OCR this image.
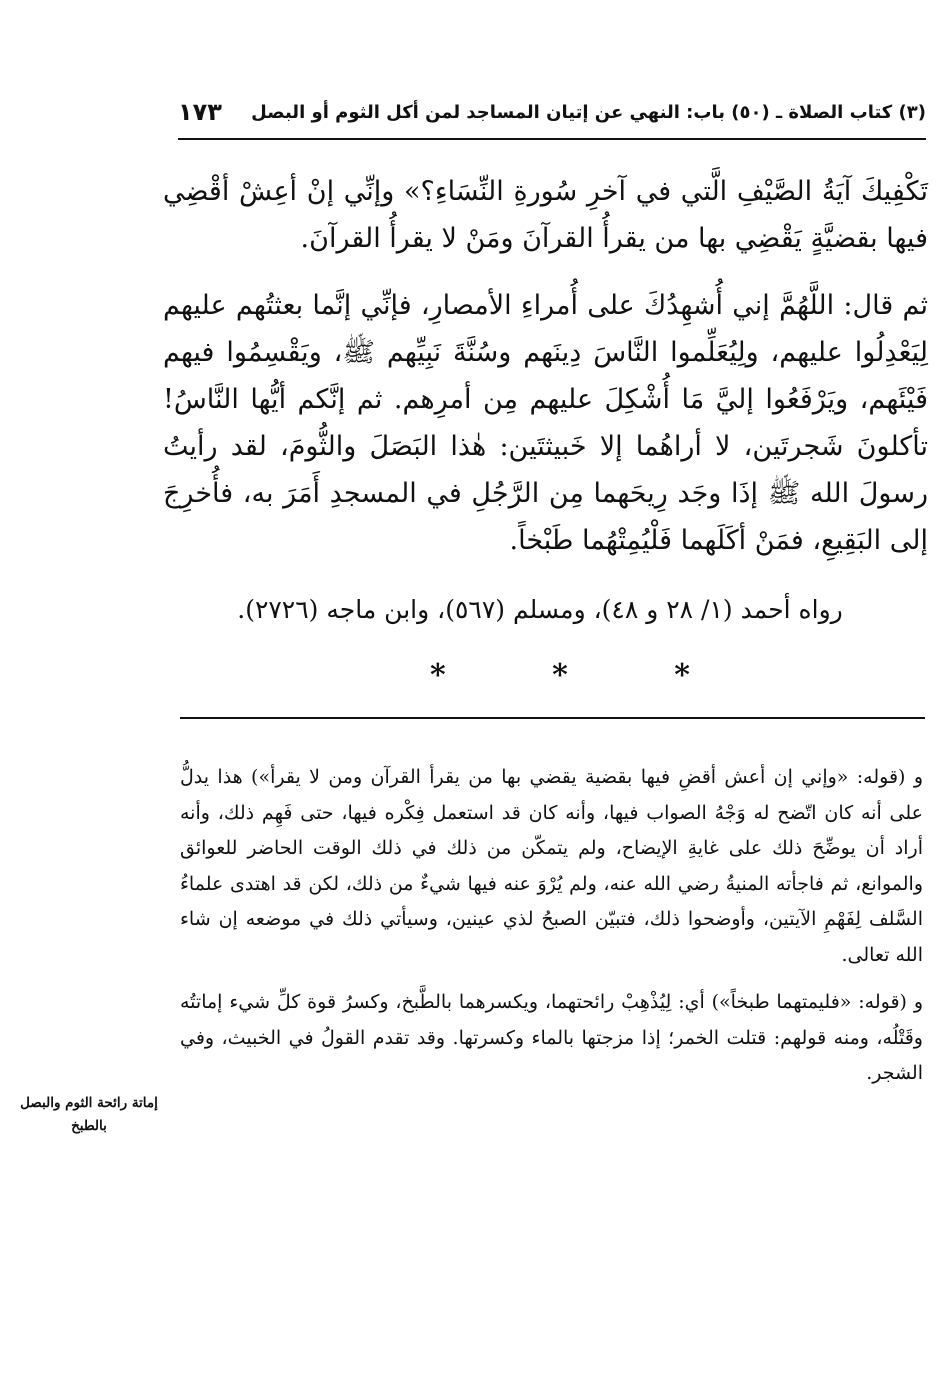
(٣) كتاب الصلاة ـ (٥٠) باب: النهي عن إتيان المساجد لمن أكل الثوم أو البصل
١٧٣

تَكْفِيكَ آيَةُ الصَّيْفِ الَّتي في آخرِ سُورةِ النِّسَاءِ؟» وإنِّي إنْ أعِشْ أقْضِي فيها بقضيَّةٍ يَقْضِي بها من يقرأُ القرآنَ ومَنْ لا يقرأُ القرآنَ.

ثم قال: اللَّهُمَّ إني أُشهِدُكَ على أُمراءِ الأمصارِ، فإنِّي إنَّما بعثتُهم عليهم لِيَعْدِلُوا عليهم، ولِيُعَلِّموا النَّاسَ دِينَهم وسُنَّةَ نَبِيِّهم ﷺ، ويَقْسِمُوا فيهم فَيْئَهم، ويَرْفَعُوا إليَّ مَا أُشْكِلَ عليهم مِن أمرِهم. ثم إنَّكم أيُّها النَّاسُ! تأكلونَ شَجرتَين، لا أراهُما إلا خَبيثتَين: هٰذا البَصَلَ والثُّومَ، لقد رأيتُ رسولَ الله ﷺ إذَا وجَد رِيحَهما مِن الرَّجُلِ في المسجدِ أَمَرَ به، فأُخرِجَ إلى البَقِيعِ، فمَنْ أكَلَهما فَلْيُمِتْهُما طَبْخاً.

رواه أحمد (١/ ٢٨ و ٤٨)، ومسلم (٥٦٧)، وابن ماجه (٢٧٢٦).
*	*	*

و (قوله: «وإني إن أعش أقضِ فيها بقضية يقضي بها من يقرأ القرآن ومن لا يقرأ») هذا يدلُّ على أنه كان اتّضح له وَجْهُ الصواب فيها، وأنه كان قد استعمل فِكْره فيها، حتى فَهِم ذلك، وأنه أراد أن يوضِّحَ ذلك على غايةِ الإيضاح، ولم يتمكّن من ذلك في ذلك الوقت الحاضر للعوائق والموانع، ثم فاجأته المنيةُ رضي الله عنه، ولم يُرْوَ عنه فيها شيءٌ من ذلك، لكن قد اهتدى علماءُ السَّلف لِفَهْمِ الآيتين، وأوضحوا ذلك، فتبيّن الصبحُ لذي عينين، وسيأتي ذلك في موضعه إن شاء الله تعالى.

و (قوله: «فليمتهما طبخاً») أي: لِيُذْهِبْ رائحتهما، ويكسرهما بالطَّبخ، وكسرُ قوة كلِّ شيء إماتتُه وقَتْلُه، ومنه قولهم: قتلت الخمر؛ إذا مزجتها بالماء وكسرتها. وقد تقدم القولُ في الخبيث، وفي الشجر.

إماتة رائحة الثوم والبصل بالطبخ
